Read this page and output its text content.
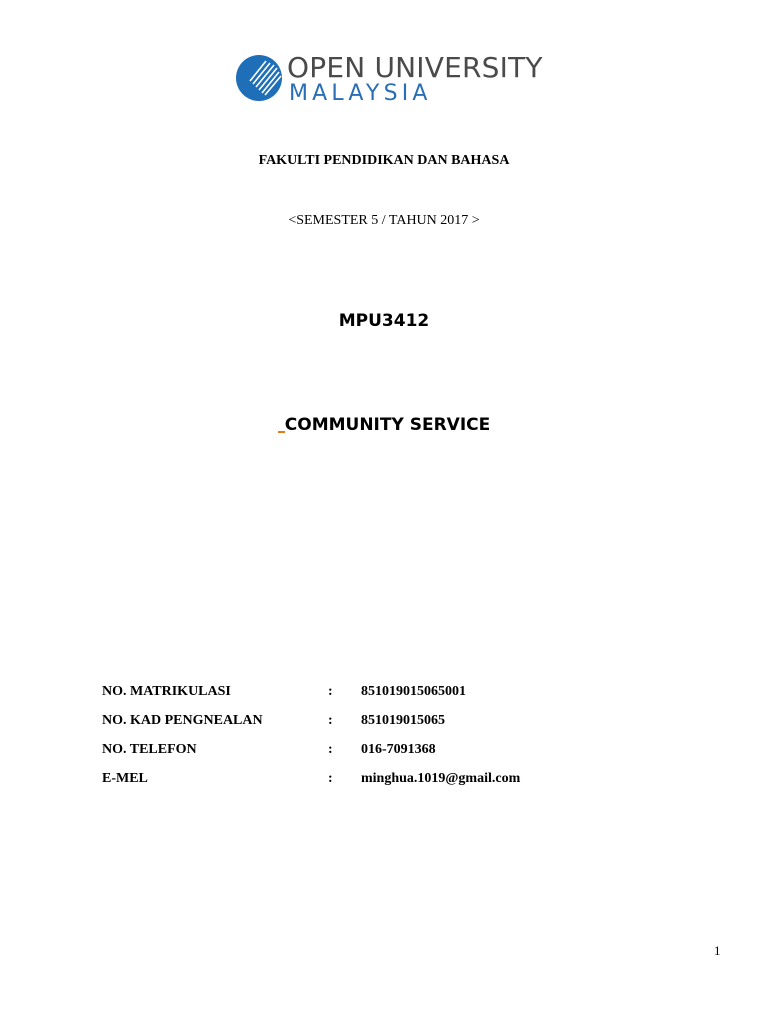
OPEN UNIVERSITY
MALAYSIA
FAKULTI PENDIDIKAN DAN BAHASA
<SEMESTER 5 / TAHUN 2017 >
MPU3412
COMMUNITY SERVICE
NO. MATRIKULASI	: 851019015065001
NO. KAD PENGNEALAN	: 851019015065
NO. TELEFON	: 016-7091368
E-MEL	: minghua.1019@gmail.com
1
